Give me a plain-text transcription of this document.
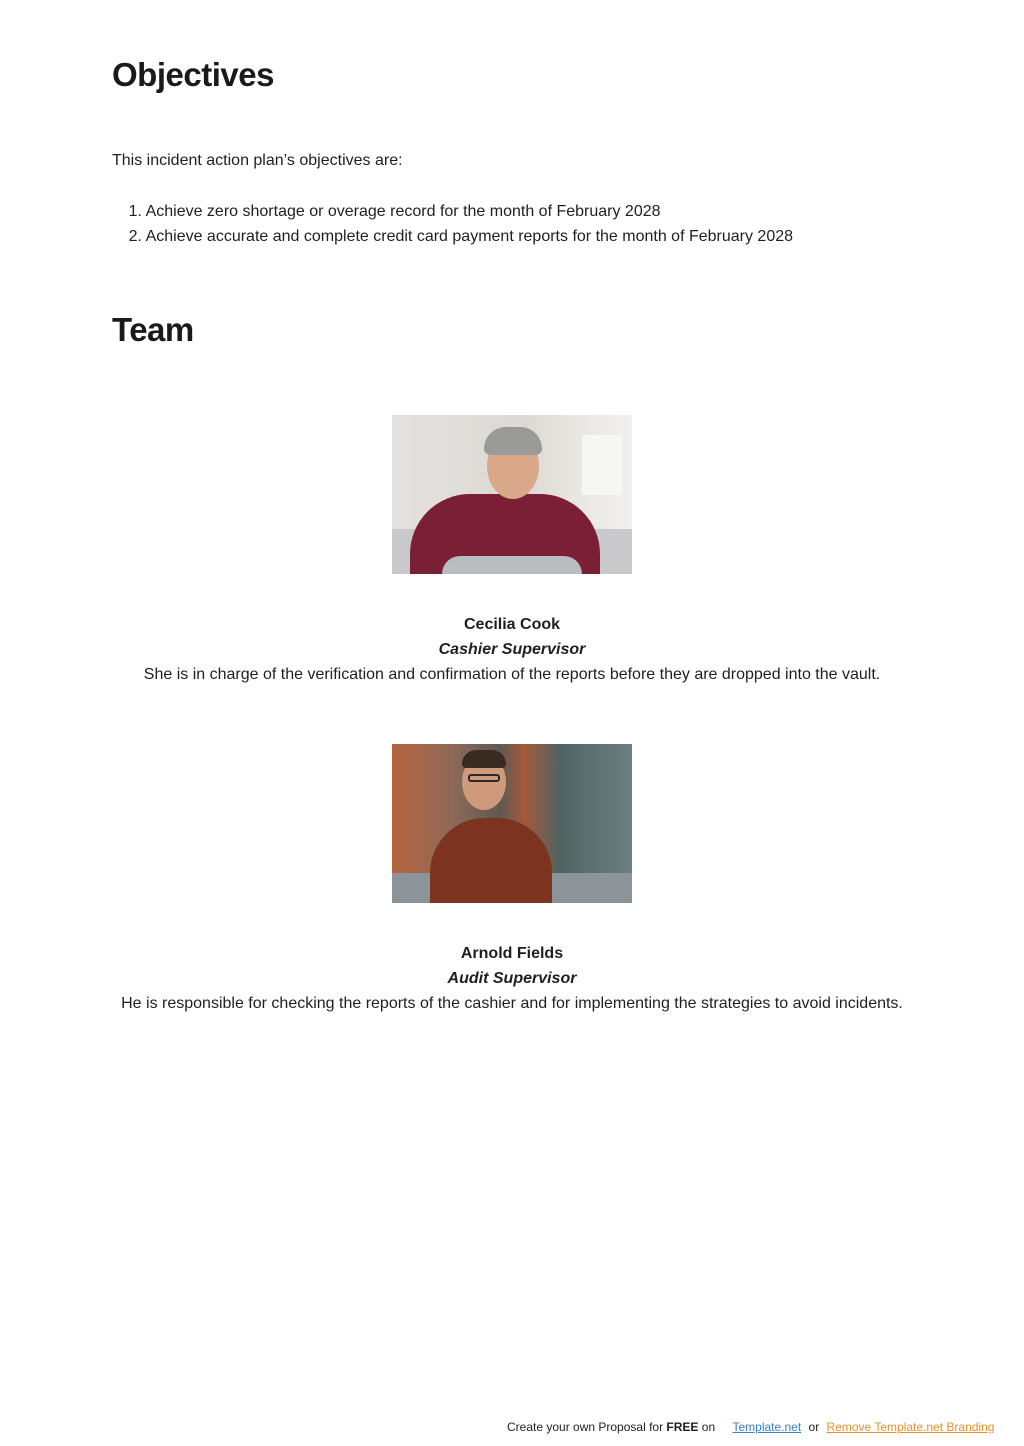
Objectives
This incident action plan’s objectives are:
1. Achieve zero shortage or overage record for the month of February 2028
2. Achieve accurate and complete credit card payment reports for the month of February 2028
Team
Cecilia Cook
Cashier Supervisor
She is in charge of the verification and confirmation of the reports before they are dropped into the vault.
Arnold Fields
Audit Supervisor
He is responsible for checking the reports of the cashier and for implementing the strategies to avoid incidents.
Create your own Proposal for FREE on Template.net or Remove Template.net Branding
